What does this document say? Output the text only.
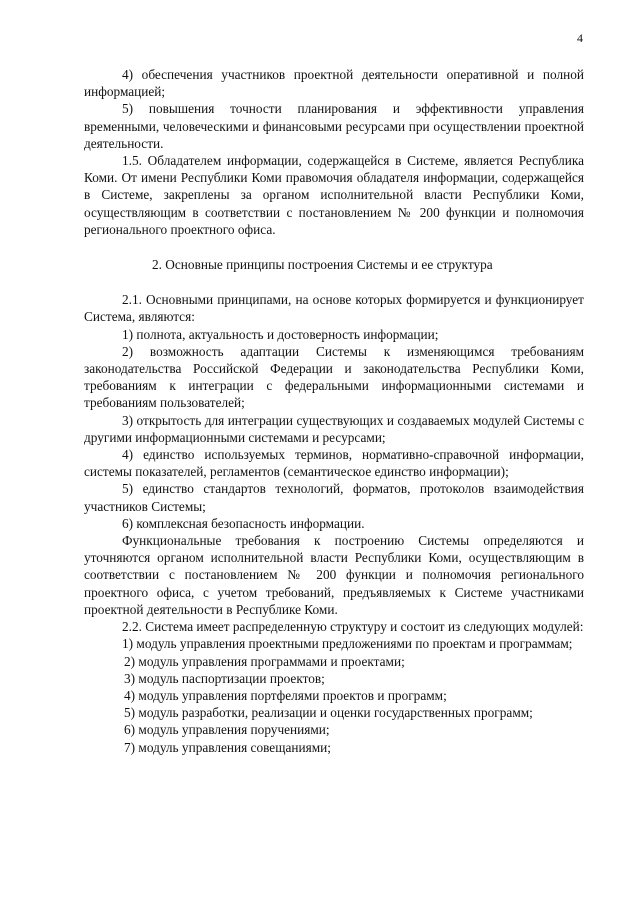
4

4) обеспечения участников проектной деятельности оперативной и полной информацией;

5) повышения точности планирования и эффективности управления временными, человеческими и финансовыми ресурсами при осуществлении проектной деятельности.

1.5. Обладателем информации, содержащейся в Системе, является Республика Коми. От имени Республики Коми правомочия обладателя информации, содержащейся в Системе, закреплены за органом исполнительной власти Республики Коми, осуществляющим в соответствии с постановлением № 200 функции и полномочия регионального проектного офиса.

2. Основные принципы построения Системы и ее структура

2.1. Основными принципами, на основе которых формируется и функционирует Система, являются:

1) полнота, актуальность и достоверность информации;

2) возможность адаптации Системы к изменяющимся требованиям законодательства Российской Федерации и законодательства Республики Коми, требованиям к интеграции с федеральными информационными системами и требованиям пользователей;

3) открытость для интеграции существующих и создаваемых модулей Системы с другими информационными системами и ресурсами;

4) единство используемых терминов, нормативно-справочной информации, системы показателей, регламентов (семантическое единство информации);

5) единство стандартов технологий, форматов, протоколов взаимодействия участников Системы;

6) комплексная безопасность информации.

Функциональные требования к построению Системы определяются и уточняются органом исполнительной власти Республики Коми, осуществляющим в соответствии с постановлением № 200 функции и полномочия регионального проектного офиса, с учетом требований, предъявляемых к Системе участниками проектной деятельности в Республике Коми.

2.2. Система имеет распределенную структуру и состоит из следующих модулей:

1) модуль управления проектными предложениями по проектам и программам;

2) модуль управления программами и проектами;

3) модуль паспортизации проектов;

4) модуль управления портфелями проектов и программ;

5) модуль разработки, реализации и оценки государственных программ;

6) модуль управления поручениями;

7) модуль управления совещаниями;
